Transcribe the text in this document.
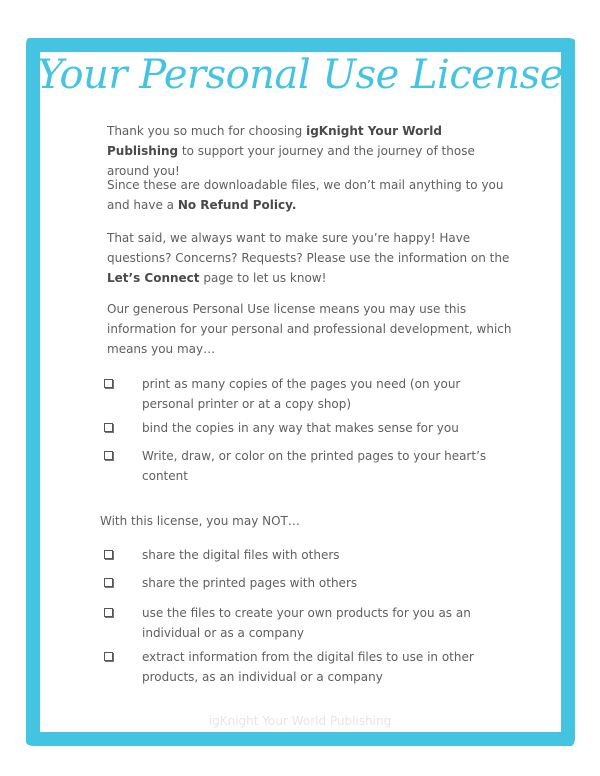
Your Personal Use License

Thank you so much for choosing igKnight Your World Publishing to support your journey and the journey of those around you!

Since these are downloadable files, we don’t mail anything to you and have a No Refund Policy.

That said, we always want to make sure you’re happy! Have questions? Concerns? Requests? Please use the information on the Let’s Connect page to let us know!

Our generous Personal Use license means you may use this information for your personal and professional development, which means you may…

print as many copies of the pages you need (on your personal printer or at a copy shop)

bind the copies in any way that makes sense for you

Write, draw, or color on the printed pages to your heart’s content

With this license, you may NOT…

share the digital files with others

share the printed pages with others

use the files to create your own products for you as an individual or as a company

extract information from the digital files to use in other products, as an individual or a company

igKnight Your World Publishing
